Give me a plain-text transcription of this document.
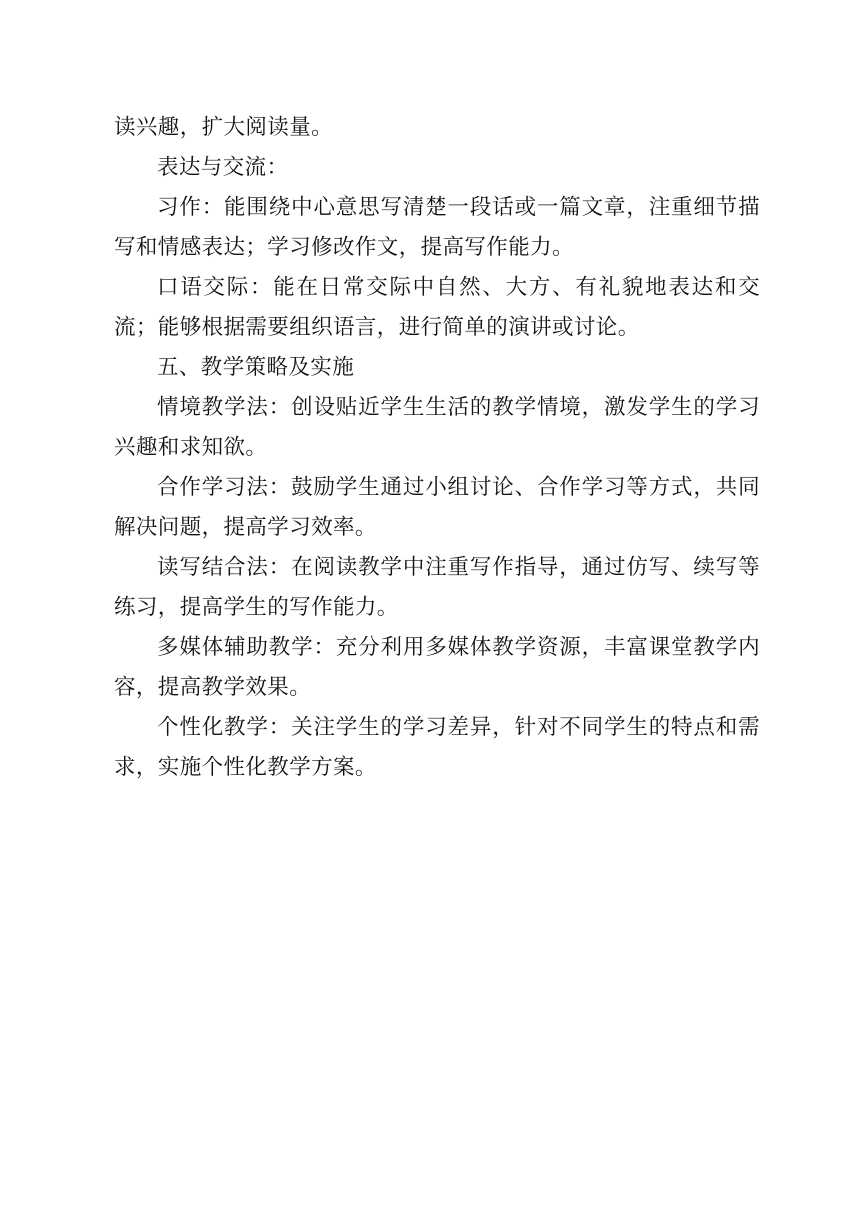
读兴趣，扩大阅读量。

表达与交流：

习作：能围绕中心意思写清楚一段话或一篇文章，注重细节描写和情感表达；学习修改作文，提高写作能力。

口语交际：能在日常交际中自然、大方、有礼貌地表达和交流；能够根据需要组织语言，进行简单的演讲或讨论。

五、教学策略及实施

情境教学法：创设贴近学生生活的教学情境，激发学生的学习兴趣和求知欲。

合作学习法：鼓励学生通过小组讨论、合作学习等方式，共同解决问题，提高学习效率。

读写结合法：在阅读教学中注重写作指导，通过仿写、续写等练习，提高学生的写作能力。

多媒体辅助教学：充分利用多媒体教学资源，丰富课堂教学内容，提高教学效果。

个性化教学：关注学生的学习差异，针对不同学生的特点和需求，实施个性化教学方案。
